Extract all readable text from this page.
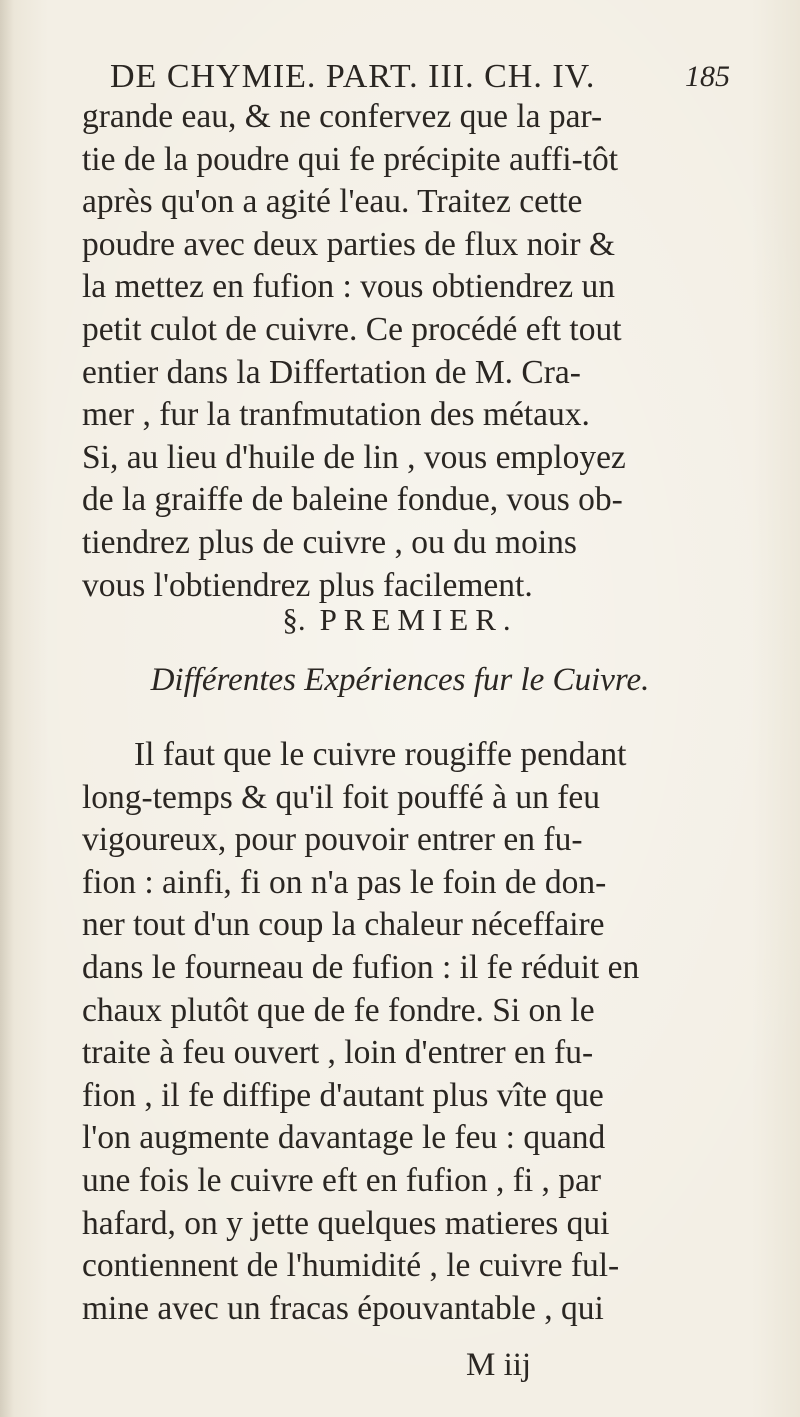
DE CHYMIE. PART. III. CH. IV.	185
grande eau, & ne confervez que la par-
tie de la poudre qui fe précipite auffi-tôt
après qu'on a agité l'eau. Traitez cette
poudre avec deux parties de flux noir &
la mettez en fufion : vous obtiendrez un
petit culot de cuivre. Ce procédé eft tout
entier dans la Differtation de M. Cra-
mer , fur la tranfmutation des métaux.
Si, au lieu d'huile de lin , vous employez
de la graiffe de baleine fondue, vous ob-
tiendrez plus de cuivre , ou du moins
vous l'obtiendrez plus facilement.
§. PREMIER.
Différentes Expériences fur le Cuivre.
Il faut que le cuivre rougiffe pendant
long-temps & qu'il foit pouffé à un feu
vigoureux, pour pouvoir entrer en fu-
fion : ainfi, fi on n'a pas le foin de don-
ner tout d'un coup la chaleur néceffaire
dans le fourneau de fufion : il fe réduit en
chaux plutôt que de fe fondre. Si on le
traite à feu ouvert , loin d'entrer en fu-
fion , il fe diffipe d'autant plus vîte que
l'on augmente davantage le feu : quand
une fois le cuivre eft en fufion , fi , par
hafard, on y jette quelques matieres qui
contiennent de l'humidité , le cuivre ful-
mine avec un fracas épouvantable , qui
M iij
